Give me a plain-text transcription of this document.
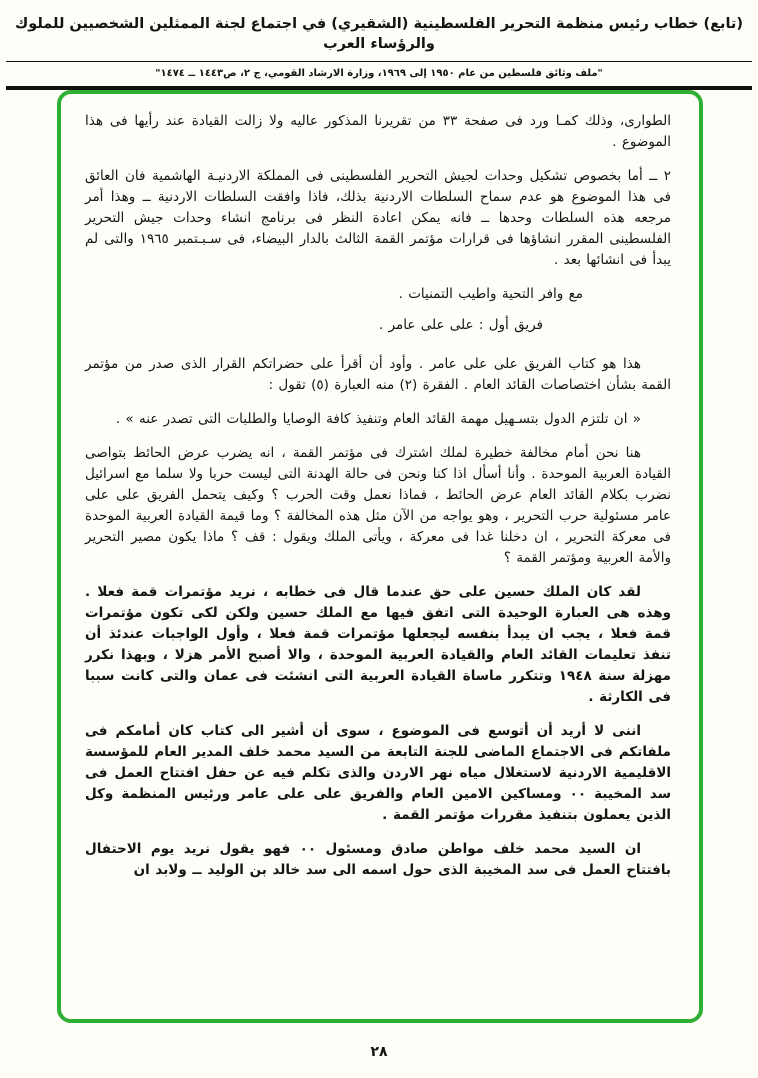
(تابع) خطاب رئيس منظمة التحرير الفلسطينية (الشقيري) في اجتماع لجنة الممثلين الشخصيين للملوك والرؤساء العرب
"ملف وثائق فلسطين من عام ١٩٥٠ إلى ١٩٦٩، وزارة الارشاد القومي، ج ٢، ص١٤٤٣ ــ ١٤٧٤"

الطوارى، وذلك كمـا ورد فى صفحة ٣٣ من تقريرنا المذكور عاليه ولا زالت القيادة عند رأيها فى هذا الموضوع .

٢ ــ أما بخصوص تشكيل وحدات لجيش التحرير الفلسطينى فى المملكة الاردنيـة الهاشمية فان العائق فى هذا الموضوع هو عدم سماح السلطات الاردنية بذلك، فاذا وافقت السلطات الاردنية ــ وهذا أمر مرجعه هذه السلطات وحدها ــ فانه يمكن اعادة النظر فى برنامج انشاء وحدات جيش التحرير الفلسطينى المقرر انشاؤها فى قرارات مؤتمر القمة الثالث بالدار البيضاء، فى سـبـتمبر ١٩٦٥ والتى لم يبدأ فى انشائها بعد .

مع وافر التحية واطيب التمنيات .

فريق أول : على على عامر .

هذا هو كتاب الفريق على على عامر . وأود أن أقرأ على حضراتكم القرار الذى صدر من مؤتمر القمة بشأن اختصاصات القائد العام . الفقرة (٢) منه العبارة (٥) تقول :

« ان تلتزم الدول بتسـهيل مهمة القائد العام وتنفيذ كافة الوصايا والطلبات التى تصدر عنه » .

هنا نحن أمام مخالفة خطيرة لملك اشترك فى مؤتمر القمة ، انه يضرب عرض الحائط بتواصى القيادة العربية الموحدة . وأنا أسأل اذا كنا ونحن فى حالة الهدنة التى ليست حربا ولا سلما مع اسرائيل نضرب بكلام القائد العام عرض الحائط ، فماذا نعمل وقت الحرب ؟ وكيف يتحمل الفريق على على عامر مسئولية حرب التحرير ، وهو يواجه من الآن مثل هذه المخالفة ؟ وما قيمة القيادة العربية الموحدة فى معركة التحرير ، ان دخلنا غدا فى معركة ، ويأتى الملك ويقول : قف ؟ ماذا يكون مصير التحرير والأمة العربية ومؤتمر القمة ؟

لقد كان الملك حسين على حق عندما قال فى خطابه ، نريد مؤتمرات قمة فعلا . وهذه هى العبارة الوحيدة التى اتفق فيها مع الملك حسين ولكن لكى تكون مؤتمرات قمة فعلا ، يجب ان يبدأ بنفسه ليجعلها مؤتمرات قمة فعلا ، وأول الواجبات عندئذ أن تنفذ تعليمات القائد العام والقيادة العربية الموحدة ، والا أصبح الأمر هزلا ، وبهذا نكرر مهزلة سنة ١٩٤٨ وتتكرر ماساة القيادة العربية التى انشئت فى عمان والتى كانت سببا فى الكارثة .

اننى لا أريد أن أتوسع فى الموضوع ، سوى أن أشير الى كتاب كان أمامكم فى ملفاتكم فى الاجتماع الماضى للجنة التابعة من السيد محمد خلف المدير العام للمؤسسة الاقليمية الاردنية لاستغلال مياه نهر الاردن والذى تكلم فيه عن حفل افتتاح العمل فى سد المخيبة ٠٠ ومساكين الامين العام والفريق على على عامر ورئيس المنظمة وكل الذين يعملون بتنفيذ مقررات مؤتمر القمة .

ان السيد محمد خلف مواطن صادق ومسئول ٠٠ فهو يقول نريد يوم الاحتفال بافتتاح العمل فى سد المخيبة الذى حول اسمه الى سد خالد بن الوليد ــ ولابد ان

٢٨
